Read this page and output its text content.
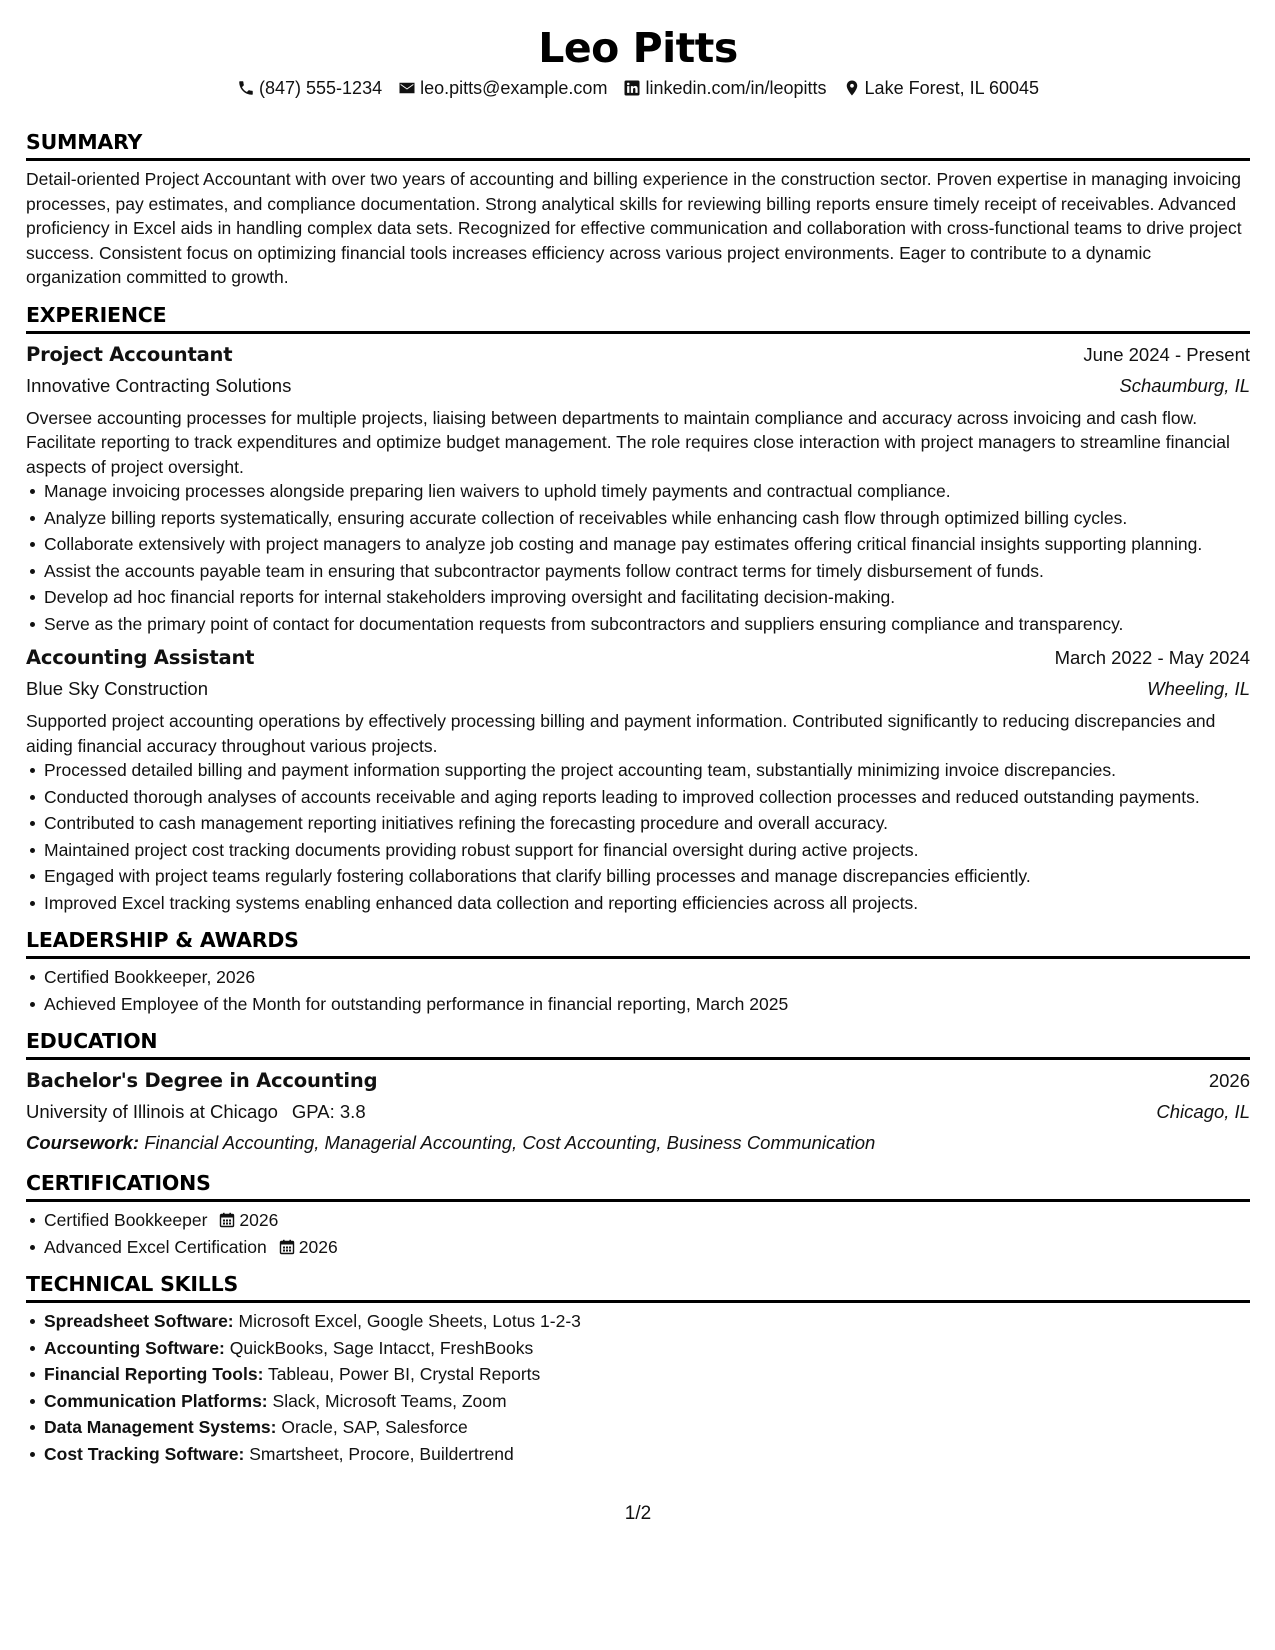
Leo Pitts
(847) 555-1234 leo.pitts@example.com linkedin.com/in/leopitts Lake Forest, IL 60045
SUMMARY

Detail-oriented Project Accountant with over two years of accounting and billing experience in the construction sector. Proven expertise in managing invoicing processes, pay estimates, and compliance documentation. Strong analytical skills for reviewing billing reports ensure timely receipt of receivables. Advanced proficiency in Excel aids in handling complex data sets. Recognized for effective communication and collaboration with cross-functional teams to drive project success. Consistent focus on optimizing financial tools increases efficiency across various project environments. Eager to contribute to a dynamic organization committed to growth.

EXPERIENCE
Project Accountant	June 2024 - Present
Innovative Contracting Solutions	Schaumburg, IL

Oversee accounting processes for multiple projects, liaising between departments to maintain compliance and accuracy across invoicing and cash flow. Facilitate reporting to track expenditures and optimize budget management. The role requires close interaction with project managers to streamline financial aspects of project oversight.

Manage invoicing processes alongside preparing lien waivers to uphold timely payments and contractual compliance.
Analyze billing reports systematically, ensuring accurate collection of receivables while enhancing cash flow through optimized billing cycles.
Collaborate extensively with project managers to analyze job costing and manage pay estimates offering critical financial insights supporting planning.
Assist the accounts payable team in ensuring that subcontractor payments follow contract terms for timely disbursement of funds.
Develop ad hoc financial reports for internal stakeholders improving oversight and facilitating decision-making.
Serve as the primary point of contact for documentation requests from subcontractors and suppliers ensuring compliance and transparency.
Accounting Assistant	March 2022 - May 2024
Blue Sky Construction	Wheeling, IL

Supported project accounting operations by effectively processing billing and payment information. Contributed significantly to reducing discrepancies and aiding financial accuracy throughout various projects.

Processed detailed billing and payment information supporting the project accounting team, substantially minimizing invoice discrepancies.
Conducted thorough analyses of accounts receivable and aging reports leading to improved collection processes and reduced outstanding payments.
Contributed to cash management reporting initiatives refining the forecasting procedure and overall accuracy.
Maintained project cost tracking documents providing robust support for financial oversight during active projects.
Engaged with project teams regularly fostering collaborations that clarify billing processes and manage discrepancies efficiently.
Improved Excel tracking systems enabling enhanced data collection and reporting efficiencies across all projects.
LEADERSHIP & AWARDS
Certified Bookkeeper, 2026
Achieved Employee of the Month for outstanding performance in financial reporting, March 2025
EDUCATION
Bachelor's Degree in Accounting	2026
University of Illinois at Chicago GPA: 3.8	Chicago, IL
Coursework: Financial Accounting, Managerial Accounting, Cost Accounting, Business Communication
CERTIFICATIONS
Certified Bookkeeper 2026
Advanced Excel Certification 2026
TECHNICAL SKILLS
Spreadsheet Software: Microsoft Excel, Google Sheets, Lotus 1-2-3
Accounting Software: QuickBooks, Sage Intacct, FreshBooks
Financial Reporting Tools: Tableau, Power BI, Crystal Reports
Communication Platforms: Slack, Microsoft Teams, Zoom
Data Management Systems: Oracle, SAP, Salesforce
Cost Tracking Software: Smartsheet, Procore, Buildertrend
1/2
